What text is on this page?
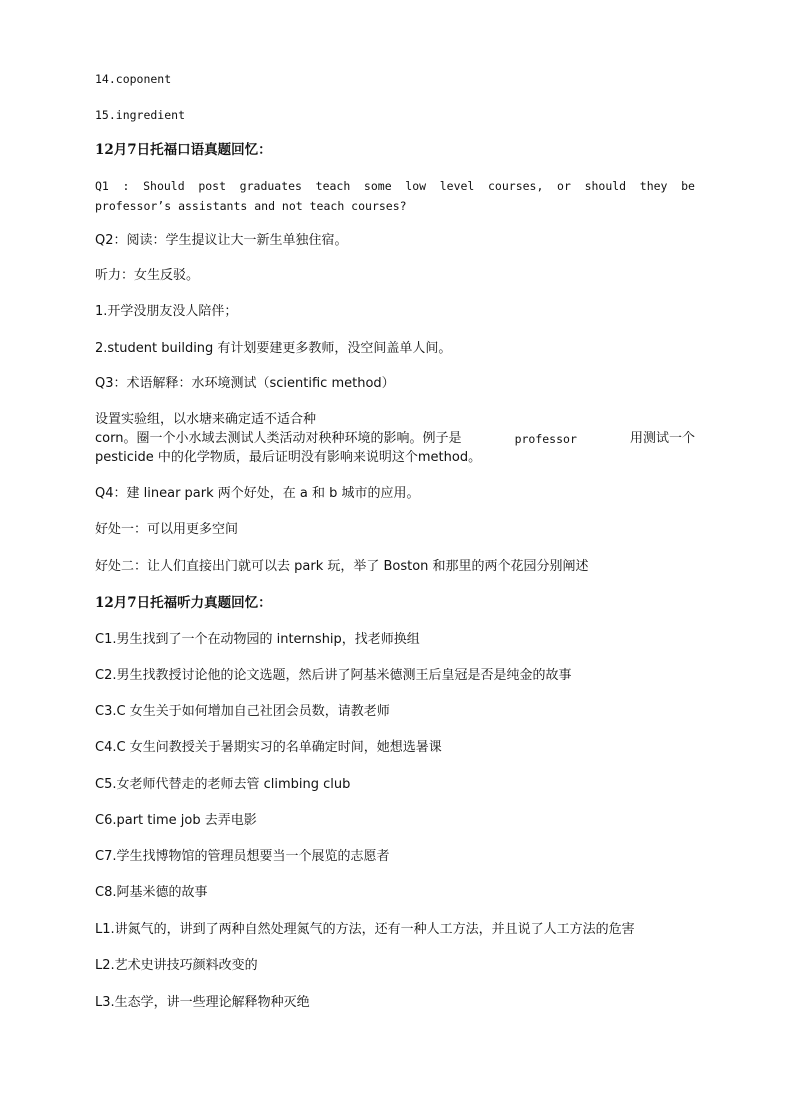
14.coponent
15.ingredient
12月7日托福口语真题回忆：
Q1 : Should post graduates teach some low level courses, or should they be
professor’s assistants and not teach courses?
Q2：阅读：学生提议让大一新生单独住宿。
听力：女生反驳。
1.开学没朋友没人陪伴；
2.student building 有计划要建更多教师，没空间盖单人间。
Q3：术语解释：水环境测试（scientific method）
设置实验组，以水塘来确定适不适合种
corn。圈一个小水域去测试人类活动对秧种环境的影响。例子是	professor	用测试一个
pesticide 中的化学物质，最后证明没有影响来说明这个method。
Q4：建 linear park 两个好处，在 a 和 b 城市的应用。
好处一：可以用更多空间
好处二：让人们直接出门就可以去 park 玩，举了 Boston 和那里的两个花园分别阐述
12月7日托福听力真题回忆：
C1.男生找到了一个在动物园的 internship，找老师换组
C2.男生找教授讨论他的论文选题，然后讲了阿基米德测王后皇冠是否是纯金的故事
C3.C 女生关于如何增加自己社团会员数，请教老师
C4.C 女生问教授关于暑期实习的名单确定时间，她想选暑课
C5.女老师代替走的老师去管 climbing club
C6.part time job 去弄电影
C7.学生找博物馆的管理员想要当一个展览的志愿者
C8.阿基米德的故事
L1.讲氮气的，讲到了两种自然处理氮气的方法，还有一种人工方法，并且说了人工方法的危害
L2.艺术史讲技巧颜料改变的
L3.生态学，讲一些理论解释物种灭绝
